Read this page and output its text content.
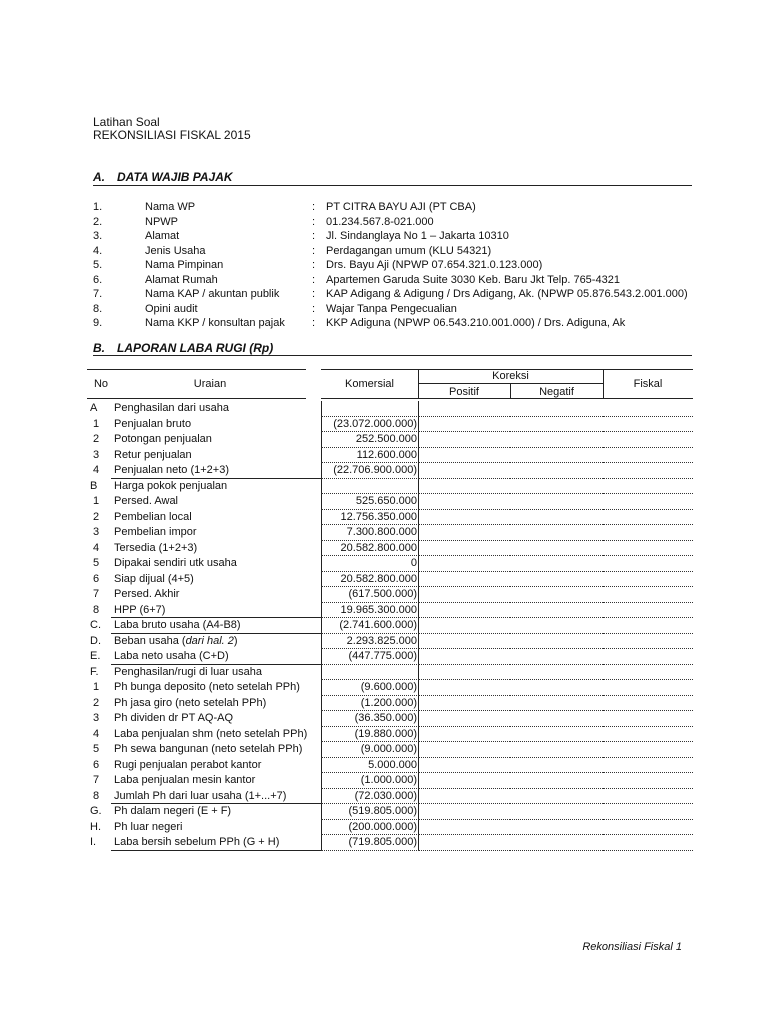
Latihan Soal
REKONSILIASI FISKAL 2015
A. DATA WAJIB PAJAK
1.	Nama WP	: PT CITRA BAYU AJI (PT CBA)
2.	NPWP	: 01.234.567.8-021.000
3.	Alamat	: Jl. Sindanglaya No 1 – Jakarta 10310
4.	Jenis Usaha	: Perdagangan umum (KLU 54321)
5.	Nama Pimpinan	: Drs. Bayu Aji (NPWP 07.654.321.0.123.000)
6.	Alamat Rumah	: Apartemen Garuda Suite 3030 Keb. Baru Jkt Telp. 765-4321
7.	Nama KAP / akuntan publik	: KAP Adigang & Adigung / Drs Adigang, Ak. (NPWP 05.876.543.2.001.000)
8.	Opini audit	: Wajar Tanpa Pengecualian
9.	Nama KKP / konsultan pajak : KKP Adiguna (NPWP 06.543.210.001.000) / Drs. Adiguna, Ak
B. LAPORAN LABA RUGI (Rp)
No	Uraian	Komersial
Koreksi
Positif	Negatif
Fiskal
A	Penghasilan dari usaha
1	Penjualan bruto	(23.072.000.000)
2	Potongan penjualan	252.500.000
3	Retur penjualan	112.600.000
4	Penjualan neto (1+2+3)	(22.706.900.000)
B	Harga pokok penjualan
1	Persed. Awal	525.650.000
2	Pembelian local	12.756.350.000
3	Pembelian impor	7.300.800.000
4	Tersedia (1+2+3)	20.582.800.000
5	Dipakai sendiri utk usaha	0
6	Siap dijual (4+5)	20.582.800.000
7	Persed. Akhir	(617.500.000)
8	HPP (6+7)	19.965.300.000
C.	Laba bruto usaha (A4-B8)	(2.741.600.000)
D.	Beban usaha (dari hal. 2)	2.293.825.000
E.	Laba neto usaha (C+D)	(447.775.000)
F.	Penghasilan/rugi di luar usaha
1	Ph bunga deposito (neto setelah PPh)	(9.600.000)
2	Ph jasa giro (neto setelah PPh)	(1.200.000)
3	Ph dividen dr PT AQ-AQ	(36.350.000)
4	Laba penjualan shm (neto setelah PPh)	(19.880.000)
5	Ph sewa bangunan (neto setelah PPh)	(9.000.000)
6	Rugi penjualan perabot kantor	5.000.000
7	Laba penjualan mesin kantor	(1.000.000)
8	Jumlah Ph dari luar usaha (1+...+7)	(72.030.000)
G.	Ph dalam negeri (E + F)	(519.805.000)
H.	Ph luar negeri	(200.000.000)
I.	Laba bersih sebelum PPh (G + H)	(719.805.000)
Rekonsiliasi Fiskal 1
